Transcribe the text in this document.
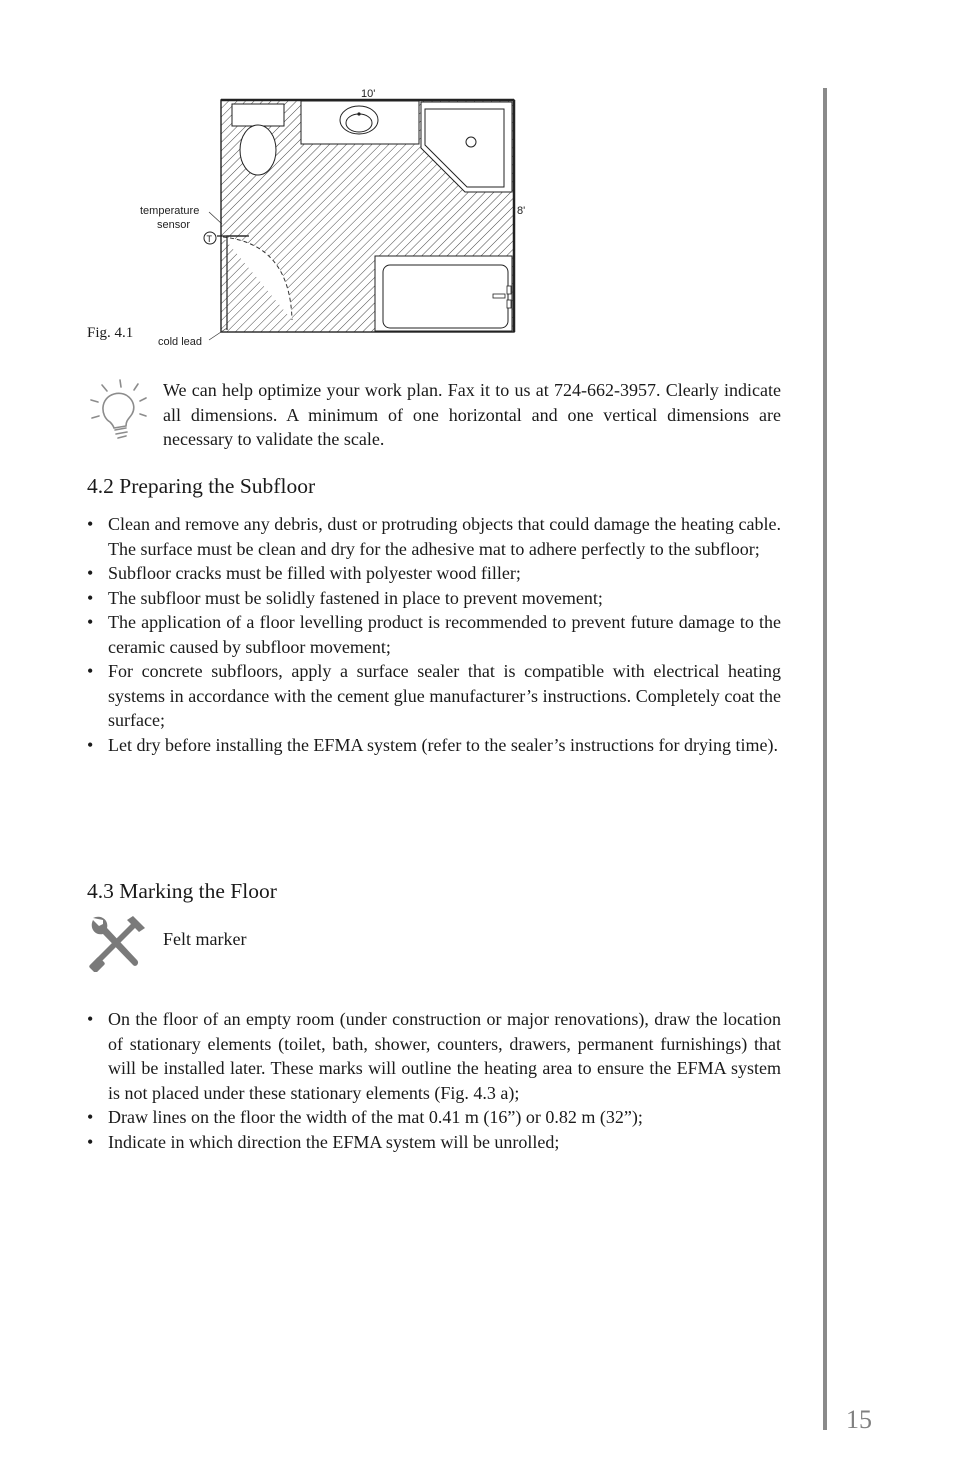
10'
8'
T
temperature
sensor
cold lead
Fig. 4.1
We can help optimize your work plan. Fax it to us at 724-662-3957. Clearly indicate all dimensions. A minimum of one horizontal and one vertical dimensions are necessary to validate the scale.
4.2 Preparing the Subfloor
• Clean and remove any debris, dust or protruding objects that could damage the heating cable. The surface must be clean and dry for the adhesive mat to adhere perfectly to the subfloor;
• Subfloor cracks must be filled with polyester wood filler;
• The subfloor must be solidly fastened in place to prevent movement;
• The application of a floor levelling product is recommended to prevent future damage to the ceramic caused by subfloor movement;
• For concrete subfloors, apply a surface sealer that is compatible with electrical heating systems in accordance with the cement glue manufacturer’s instructions. Completely coat the surface;
• Let dry before installing the EFMA system (refer to the sealer’s instructions for drying time).
4.3 Marking the Floor
Felt marker
• On the floor of an empty room (under construction or major renovations), draw the location of stationary elements (toilet, bath, shower, counters, drawers, permanent furnishings) that will be installed later. These marks will outline the heating area to ensure the EFMA system is not placed under these stationary elements (Fig. 4.3 a);
• Draw lines on the floor the width of the mat 0.41 m (16”) or 0.82 m (32”);
• Indicate in which direction the EFMA system will be unrolled;
15
